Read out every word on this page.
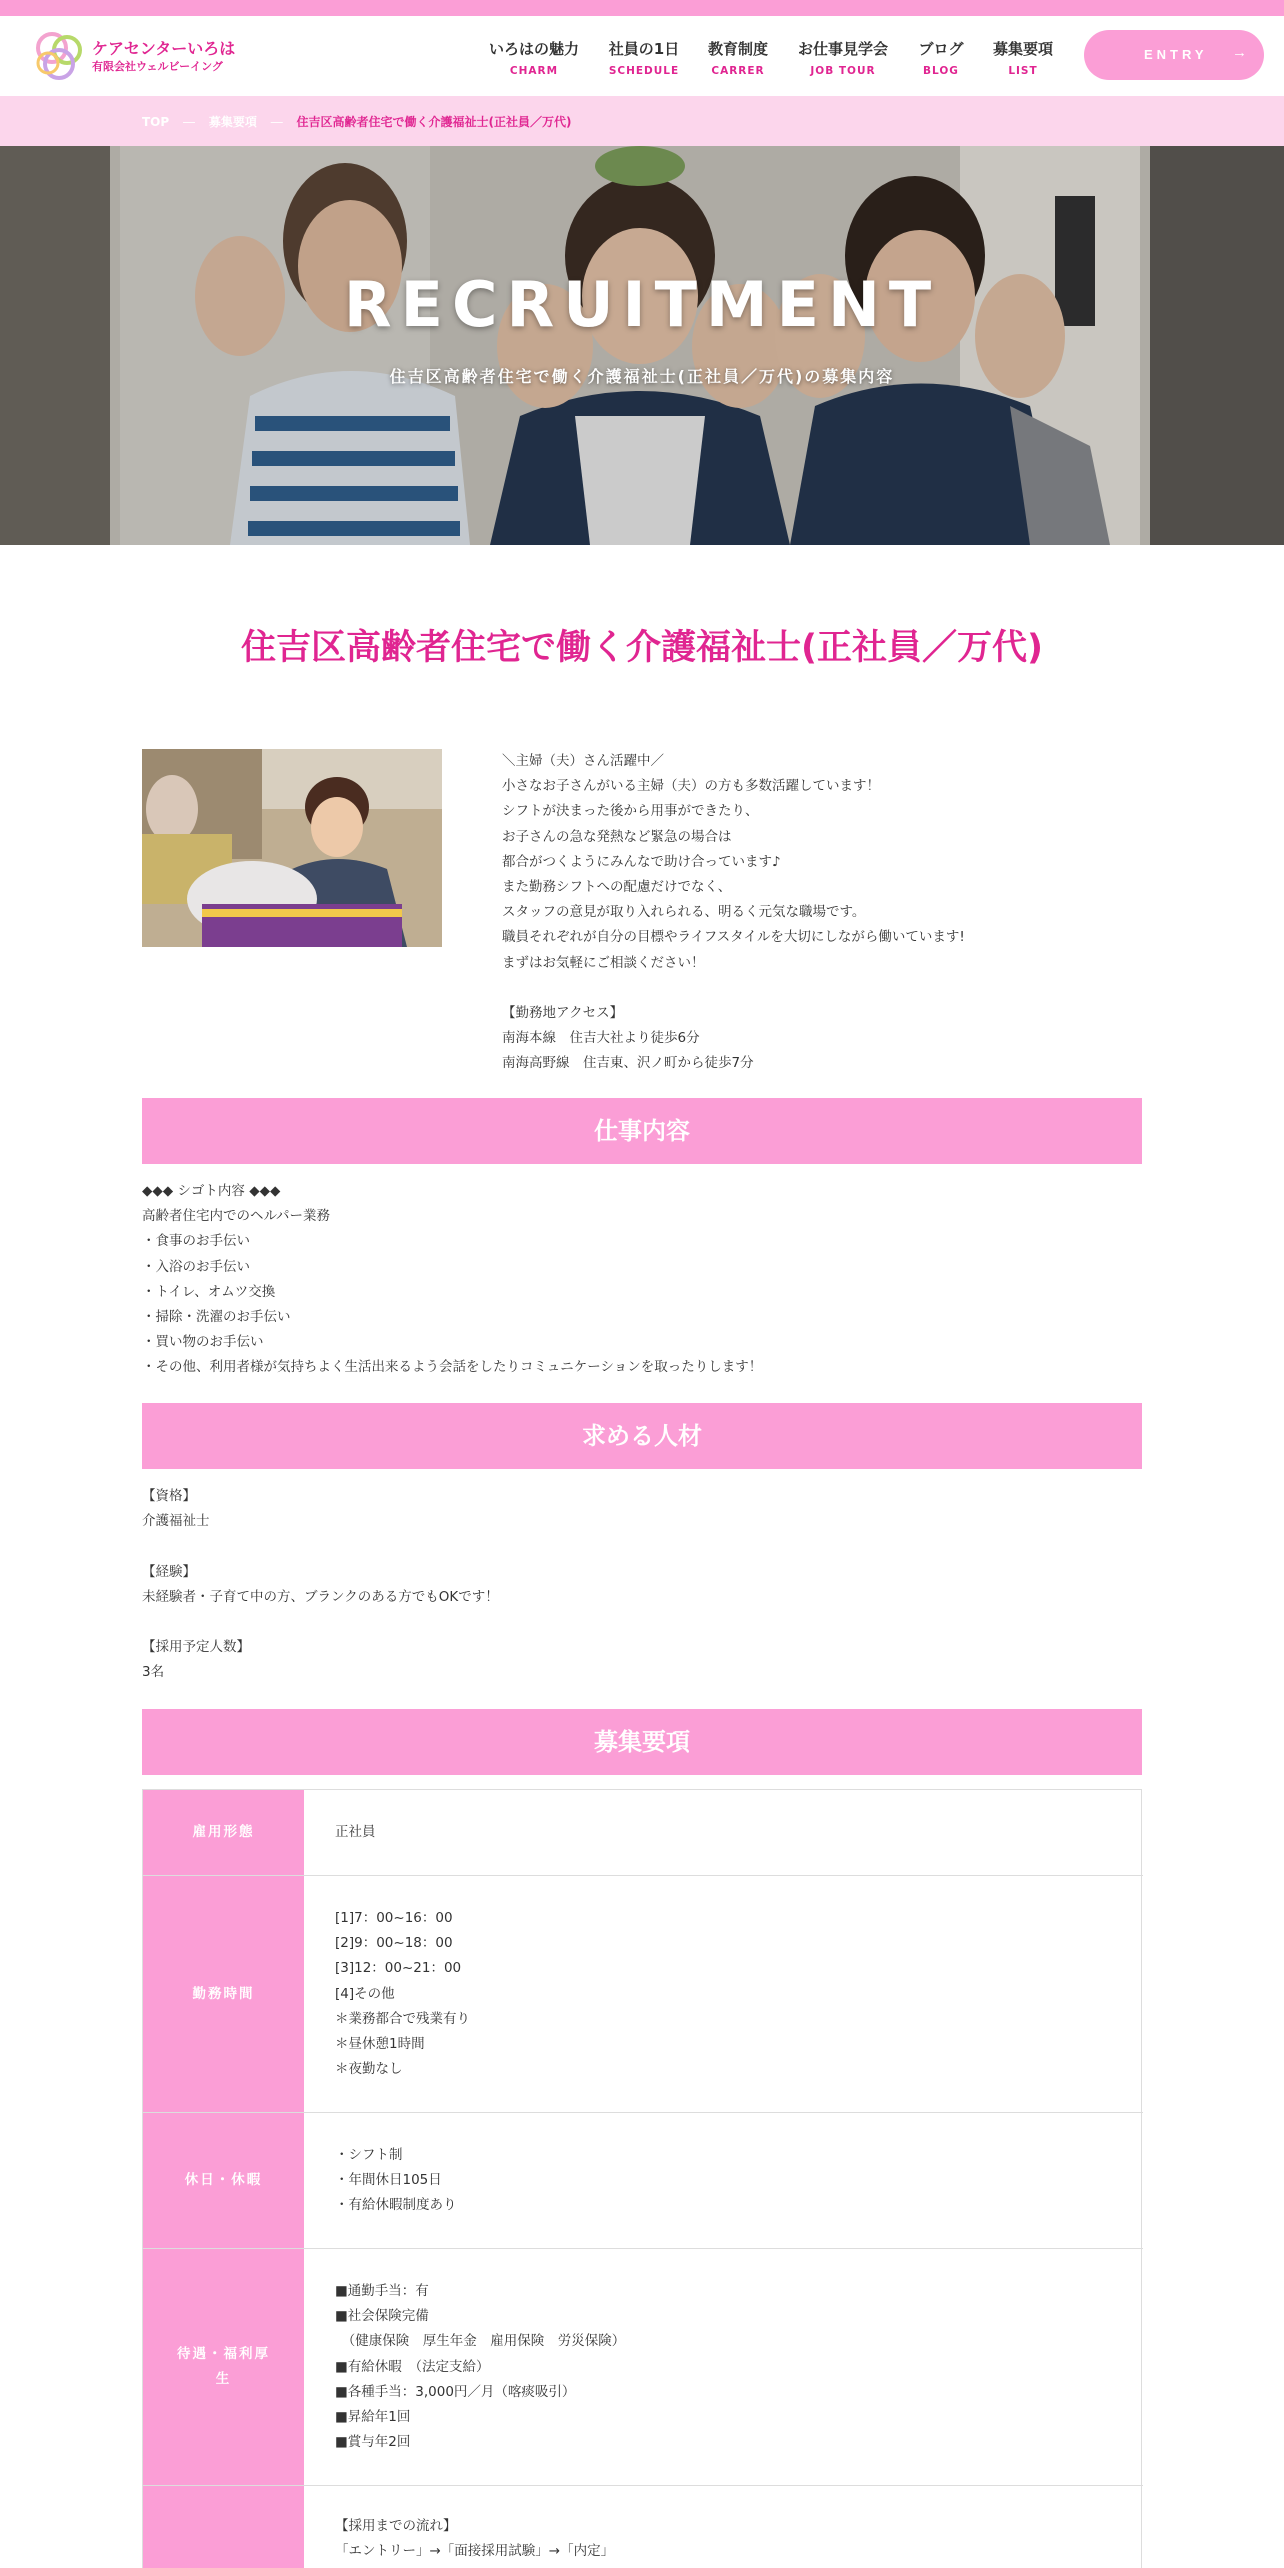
ケアセンターいろは
有限会社ウェルビーイング
いろはの魅力
CHARM
社員の1日
SCHEDULE
教育制度
CARRER
お仕事見学会
JOB TOUR
ブログ
BLOG
募集要項
LIST
ENTRY →
TOP ― 募集要項 ― 住吉区高齢者住宅で働く介護福祉士(正社員／万代)
RECRUITMENT

住吉区高齢者住宅で働く介護福祉士(正社員／万代)の募集内容

住吉区高齢者住宅で働く介護福祉士(正社員／万代)
＼主婦（夫）さん活躍中／
小さなお子さんがいる主婦（夫）の方も多数活躍しています！
シフトが決まった後から用事ができたり、
お子さんの急な発熱など緊急の場合は
都合がつくようにみんなで助け合っています♪
また勤務シフトへの配慮だけでなく、
スタッフの意見が取り入れられる、明るく元気な職場です。
職員それぞれが自分の目標やライフスタイルを大切にしながら働いています!
まずはお気軽にご相談ください！
【勤務地アクセス】
南海本線　住吉大社より徒歩6分
南海高野線　住吉東、沢ノ町から徒歩7分
仕事内容
◆◆◆ シゴト内容 ◆◆◆
高齢者住宅内でのヘルパー業務
・食事のお手伝い
・入浴のお手伝い
・トイレ、オムツ交換
・掃除・洗濯のお手伝い
・買い物のお手伝い
・その他、利用者様が気持ちよく生活出来るよう会話をしたりコミュニケーションを取ったりします！
求める人材
【資格】
介護福祉士
【経験】
未経験者・子育て中の方、ブランクのある方でもOKです！
【採用予定人数】
3名
募集要項
雇用形態	正社員
勤務時間
[1]7：00~16：00
[2]9：00~18：00
[3]12：00~21：00
[4]その他
＊業務都合で残業有り
＊昼休憩1時間
＊夜勤なし
休日・休暇
・シフト制
・年間休日105日
・有給休暇制度あり
待遇・福利厚生
■通勤手当：有
■社会保険完備
　（健康保険　厚生年金　雇用保険　労災保険）
■有給休暇　（法定支給）
■各種手当：3,000円／月（喀痰吸引）
■昇給年1回
■賞与年2回
【採用までの流れ】
「エントリー」→「面接採用試験」→「内定」
